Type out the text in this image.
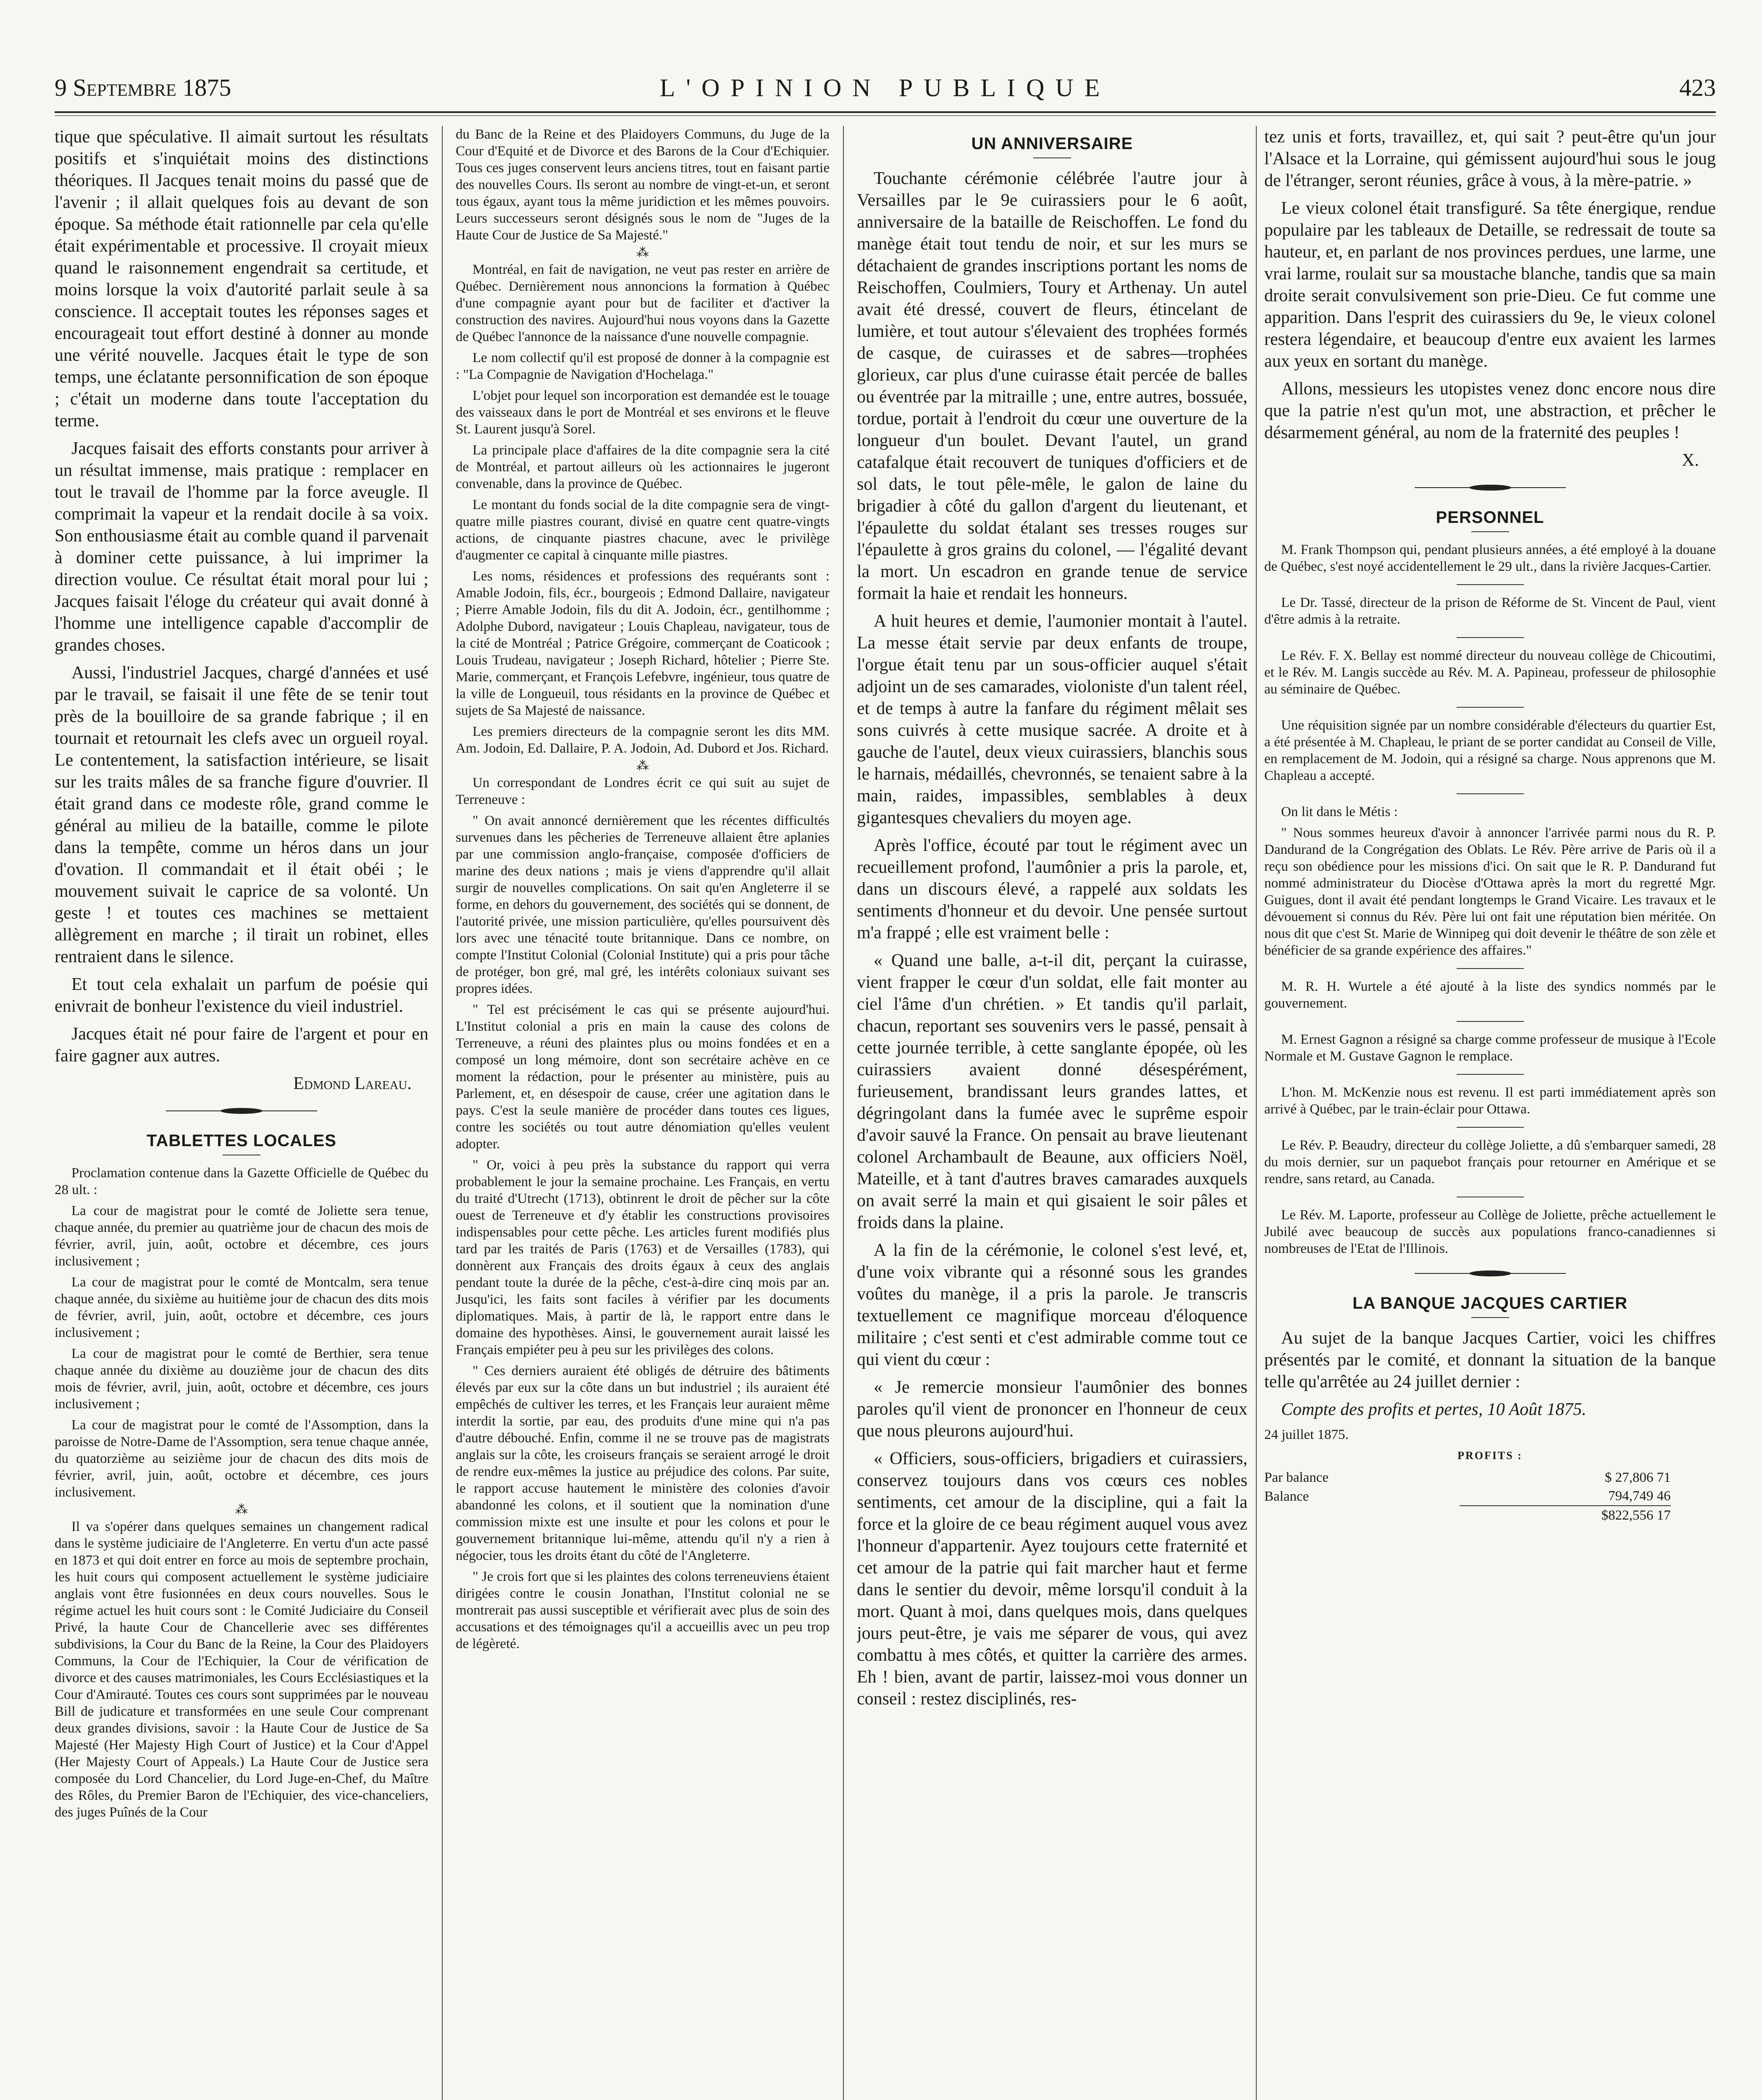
9 Septembre 1875	L'OPINION PUBLIQUE	423

tique que spéculative. Il aimait surtout les résultats positifs et s'inquiétait moins des distinctions théoriques. Il Jacques tenait moins du passé que de l'avenir ; il allait quelques fois au devant de son époque. Sa méthode était rationnelle par cela qu'elle était expérimentable et processive. Il croyait mieux quand le raisonnement engendrait sa certitude, et moins lorsque la voix d'autorité parlait seule à sa conscience. Il acceptait toutes les réponses sages et encourageait tout effort destiné à donner au monde une vérité nouvelle. Jacques était le type de son temps, une éclatante personnification de son époque ; c'était un moderne dans toute l'acceptation du terme.

Jacques faisait des efforts constants pour arriver à un résultat immense, mais pratique : remplacer en tout le travail de l'homme par la force aveugle. Il comprimait la vapeur et la rendait docile à sa voix. Son enthousiasme était au comble quand il parvenait à dominer cette puissance, à lui imprimer la direction voulue. Ce résultat était moral pour lui ; Jacques faisait l'éloge du créateur qui avait donné à l'homme une intelligence capable d'accomplir de grandes choses.

Aussi, l'industriel Jacques, chargé d'années et usé par le travail, se faisait il une fête de se tenir tout près de la bouilloire de sa grande fabrique ; il en tournait et retournait les clefs avec un orgueil royal. Le contentement, la satisfaction intérieure, se lisait sur les traits mâles de sa franche figure d'ouvrier. Il était grand dans ce modeste rôle, grand comme le général au milieu de la bataille, comme le pilote dans la tempête, comme un héros dans un jour d'ovation. Il commandait et il était obéi ; le mouvement suivait le caprice de sa volonté. Un geste ! et toutes ces machines se mettaient allègrement en marche ; il tirait un robinet, elles rentraient dans le silence.

Et tout cela exhalait un parfum de poésie qui enivrait de bonheur l'existence du vieil industriel.

Jacques était né pour faire de l'argent et pour en faire gagner aux autres.

Edmond Lareau.

TABLETTES LOCALES

Proclamation contenue dans la Gazette Officielle de Québec du 28 ult. :

La cour de magistrat pour le comté de Joliette sera tenue, chaque année, du premier au quatrième jour de chacun des mois de février, avril, juin, août, octobre et décembre, ces jours inclusivement ;

La cour de magistrat pour le comté de Montcalm, sera tenue chaque année, du sixième au huitième jour de chacun des dits mois de février, avril, juin, août, octobre et décembre, ces jours inclusivement ;

La cour de magistrat pour le comté de Berthier, sera tenue chaque année du dixième au douzième jour de chacun des dits mois de février, avril, juin, août, octobre et décembre, ces jours inclusivement ;

La cour de magistrat pour le comté de l'Assomption, dans la paroisse de Notre-Dame de l'Assomption, sera tenue chaque année, du quatorzième au seizième jour de chacun des dits mois de février, avril, juin, août, octobre et décembre, ces jours inclusivement.

⁂

Il va s'opérer dans quelques semaines un changement radical dans le système judiciaire de l'Angleterre. En vertu d'un acte passé en 1873 et qui doit entrer en force au mois de septembre prochain, les huit cours qui composent actuellement le système judiciaire anglais vont être fusionnées en deux cours nouvelles. Sous le régime actuel les huit cours sont : le Comité Judiciaire du Conseil Privé, la haute Cour de Chancellerie avec ses différentes subdivisions, la Cour du Banc de la Reine, la Cour des Plaidoyers Communs, la Cour de l'Echiquier, la Cour de vérification de divorce et des causes matrimoniales, les Cours Ecclésiastiques et la Cour d'Amirauté. Toutes ces cours sont supprimées par le nouveau Bill de judicature et transformées en une seule Cour comprenant deux grandes divisions, savoir : la Haute Cour de Justice de Sa Majesté (Her Majesty High Court of Justice) et la Cour d'Appel (Her Majesty Court of Appeals.) La Haute Cour de Justice sera composée du Lord Chancelier, du Lord Juge-en-Chef, du Maître des Rôles, du Premier Baron de l'Echiquier, des vice-chanceliers, des juges Puînés de la Cour

du Banc de la Reine et des Plaidoyers Communs, du Juge de la Cour d'Equité et de Divorce et des Barons de la Cour d'Echiquier. Tous ces juges conservent leurs anciens titres, tout en faisant partie des nouvelles Cours. Ils seront au nombre de vingt-et-un, et seront tous égaux, ayant tous la même juridiction et les mêmes pouvoirs. Leurs successeurs seront désignés sous le nom de "Juges de la Haute Cour de Justice de Sa Majesté."

⁂

Montréal, en fait de navigation, ne veut pas rester en arrière de Québec. Dernièrement nous annoncions la formation à Québec d'une compagnie ayant pour but de faciliter et d'activer la construction des navires. Aujourd'hui nous voyons dans la Gazette de Québec l'annonce de la naissance d'une nouvelle compagnie.

Le nom collectif qu'il est proposé de donner à la compagnie est : "La Compagnie de Navigation d'Hochelaga."

L'objet pour lequel son incorporation est demandée est le touage des vaisseaux dans le port de Montréal et ses environs et le fleuve St. Laurent jusqu'à Sorel.

La principale place d'affaires de la dite compagnie sera la cité de Montréal, et partout ailleurs où les actionnaires le jugeront convenable, dans la province de Québec.

Le montant du fonds social de la dite compagnie sera de vingt-quatre mille piastres courant, divisé en quatre cent quatre-vingts actions, de cinquante piastres chacune, avec le privilège d'augmenter ce capital à cinquante mille piastres.

Les noms, résidences et professions des requérants sont : Amable Jodoin, fils, écr., bourgeois ; Edmond Dallaire, navigateur ; Pierre Amable Jodoin, fils du dit A. Jodoin, écr., gentilhomme ; Adolphe Dubord, navigateur ; Louis Chapleau, navigateur, tous de la cité de Montréal ; Patrice Grégoire, commerçant de Coaticook ; Louis Trudeau, navigateur ; Joseph Richard, hôtelier ; Pierre Ste. Marie, commerçant, et François Lefebvre, ingénieur, tous quatre de la ville de Longueuil, tous résidants en la province de Québec et sujets de Sa Majesté de naissance.

Les premiers directeurs de la compagnie seront les dits MM. Am. Jodoin, Ed. Dallaire, P. A. Jodoin, Ad. Dubord et Jos. Richard.

⁂

Un correspondant de Londres écrit ce qui suit au sujet de Terreneuve :

" On avait annoncé dernièrement que les récentes difficultés survenues dans les pêcheries de Terreneuve allaient être aplanies par une commission anglo-française, composée d'officiers de marine des deux nations ; mais je viens d'apprendre qu'il allait surgir de nouvelles complications. On sait qu'en Angleterre il se forme, en dehors du gouvernement, des sociétés qui se donnent, de l'autorité privée, une mission particulière, qu'elles poursuivent dès lors avec une ténacité toute britannique. Dans ce nombre, on compte l'Institut Colonial (Colonial Institute) qui a pris pour tâche de protéger, bon gré, mal gré, les intérêts coloniaux suivant ses propres idées.

" Tel est précisément le cas qui se présente aujourd'hui. L'Institut colonial a pris en main la cause des colons de Terreneuve, a réuni des plaintes plus ou moins fondées et en a composé un long mémoire, dont son secrétaire achève en ce moment la rédaction, pour le présenter au ministère, puis au Parlement, et, en désespoir de cause, créer une agitation dans le pays. C'est la seule manière de procéder dans toutes ces ligues, contre les sociétés ou tout autre dénomiation qu'elles veulent adopter.

" Or, voici à peu près la substance du rapport qui verra probablement le jour la semaine prochaine. Les Français, en vertu du traité d'Utrecht (1713), obtinrent le droit de pêcher sur la côte ouest de Terreneuve et d'y établir les constructions provisoires indispensables pour cette pêche. Les articles furent modifiés plus tard par les traités de Paris (1763) et de Versailles (1783), qui donnèrent aux Français des droits égaux à ceux des anglais pendant toute la durée de la pêche, c'est-à-dire cinq mois par an. Jusqu'ici, les faits sont faciles à vérifier par les documents diplomatiques. Mais, à partir de là, le rapport entre dans le domaine des hypothèses. Ainsi, le gouvernement aurait laissé les Français empiéter peu à peu sur les privilèges des colons.

" Ces derniers auraient été obligés de détruire des bâtiments élevés par eux sur la côte dans un but industriel ; ils auraient été empêchés de cultiver les terres, et les Français leur auraient même interdit la sortie, par eau, des produits d'une mine qui n'a pas d'autre débouché. Enfin, comme il ne se trouve pas de magistrats anglais sur la côte, les croiseurs français se seraient arrogé le droit de rendre eux-mêmes la justice au préjudice des colons. Par suite, le rapport accuse hautement le ministère des colonies d'avoir abandonné les colons, et il soutient que la nomination d'une commission mixte est une insulte et pour les colons et pour le gouvernement britannique lui-même, attendu qu'il n'y a rien à négocier, tous les droits étant du côté de l'Angleterre.

" Je crois fort que si les plaintes des colons terreneuviens étaient dirigées contre le cousin Jonathan, l'Institut colonial ne se montrerait pas aussi susceptible et vérifierait avec plus de soin des accusations et des témoignages qu'il a accueillis avec un peu trop de légèreté.

UN ANNIVERSAIRE

Touchante cérémonie célébrée l'autre jour à Versailles par le 9e cuirassiers pour le 6 août, anniversaire de la bataille de Reischoffen. Le fond du manège était tout tendu de noir, et sur les murs se détachaient de grandes inscriptions portant les noms de Reischoffen, Coulmiers, Toury et Arthenay. Un autel avait été dressé, couvert de fleurs, étincelant de lumière, et tout autour s'élevaient des trophées formés de casque, de cuirasses et de sabres—trophées glorieux, car plus d'une cuirasse était percée de balles ou éventrée par la mitraille ; une, entre autres, bossuée, tordue, portait à l'endroit du cœur une ouverture de la longueur d'un boulet. Devant l'autel, un grand catafalque était recouvert de tuniques d'officiers et de sol dats, le tout pêle-mêle, le galon de laine du brigadier à côté du gallon d'argent du lieutenant, et l'épaulette du soldat étalant ses tresses rouges sur l'épaulette à gros grains du colonel, — l'égalité devant la mort. Un escadron en grande tenue de service formait la haie et rendait les honneurs.

A huit heures et demie, l'aumonier montait à l'autel. La messe était servie par deux enfants de troupe, l'orgue était tenu par un sous-officier auquel s'était adjoint un de ses camarades, violoniste d'un talent réel, et de temps à autre la fanfare du régiment mêlait ses sons cuivrés à cette musique sacrée. A droite et à gauche de l'autel, deux vieux cuirassiers, blanchis sous le harnais, médaillés, chevronnés, se tenaient sabre à la main, raides, impassibles, semblables à deux gigantesques chevaliers du moyen age.

Après l'office, écouté par tout le régiment avec un recueillement profond, l'aumônier a pris la parole, et, dans un discours élevé, a rappelé aux soldats les sentiments d'honneur et du devoir. Une pensée surtout m'a frappé ; elle est vraiment belle :

« Quand une balle, a-t-il dit, perçant la cuirasse, vient frapper le cœur d'un soldat, elle fait monter au ciel l'âme d'un chrétien. » Et tandis qu'il parlait, chacun, reportant ses souvenirs vers le passé, pensait à cette journée terrible, à cette sanglante épopée, où les cuirassiers avaient donné désespérément, furieusement, brandissant leurs grandes lattes, et dégringolant dans la fumée avec le suprême espoir d'avoir sauvé la France. On pensait au brave lieutenant colonel Archambault de Beaune, aux officiers Noël, Mateille, et à tant d'autres braves camarades auxquels on avait serré la main et qui gisaient le soir pâles et froids dans la plaine.

A la fin de la cérémonie, le colonel s'est levé, et, d'une voix vibrante qui a résonné sous les grandes voûtes du manège, il a pris la parole. Je transcris textuellement ce magnifique morceau d'éloquence militaire ; c'est senti et c'est admirable comme tout ce qui vient du cœur :

« Je remercie monsieur l'aumônier des bonnes paroles qu'il vient de prononcer en l'honneur de ceux que nous pleurons aujourd'hui.

« Officiers, sous-officiers, brigadiers et cuirassiers, conservez toujours dans vos cœurs ces nobles sentiments, cet amour de la discipline, qui a fait la force et la gloire de ce beau régiment auquel vous avez l'honneur d'appartenir. Ayez toujours cette fraternité et cet amour de la patrie qui fait marcher haut et ferme dans le sentier du devoir, même lorsqu'il conduit à la mort. Quant à moi, dans quelques mois, dans quelques jours peut-être, je vais me séparer de vous, qui avez combattu à mes côtés, et quitter la carrière des armes. Eh ! bien, avant de partir, laissez-moi vous donner un conseil : restez disciplinés, res-

tez unis et forts, travaillez, et, qui sait ? peut-être qu'un jour l'Alsace et la Lorraine, qui gémissent aujourd'hui sous le joug de l'étranger, seront réunies, grâce à vous, à la mère-patrie. »

Le vieux colonel était transfiguré. Sa tête énergique, rendue populaire par les tableaux de Detaille, se redressait de toute sa hauteur, et, en parlant de nos provinces perdues, une larme, une vrai larme, roulait sur sa moustache blanche, tandis que sa main droite serait convulsivement son prie-Dieu. Ce fut comme une apparition. Dans l'esprit des cuirassiers du 9e, le vieux colonel restera légendaire, et beaucoup d'entre eux avaient les larmes aux yeux en sortant du manège.

Allons, messieurs les utopistes venez donc encore nous dire que la patrie n'est qu'un mot, une abstraction, et prêcher le désarmement général, au nom de la fraternité des peuples !

X.

PERSONNEL

M. Frank Thompson qui, pendant plusieurs années, a été employé à la douane de Québec, s'est noyé accidentellement le 29 ult., dans la rivière Jacques-Cartier.

Le Dr. Tassé, directeur de la prison de Réforme de St. Vincent de Paul, vient d'être admis à la retraite.

Le Rév. F. X. Bellay est nommé directeur du nouveau collège de Chicoutimi, et le Rév. M. Langis succède au Rév. M. A. Papineau, professeur de philosophie au séminaire de Québec.

Une réquisition signée par un nombre considérable d'électeurs du quartier Est, a été présentée à M. Chapleau, le priant de se porter candidat au Conseil de Ville, en remplacement de M. Jodoin, qui a résigné sa charge. Nous apprenons que M. Chapleau a accepté.

On lit dans le Métis :

" Nous sommes heureux d'avoir à annoncer l'arrivée parmi nous du R. P. Dandurand de la Congrégation des Oblats. Le Rév. Père arrive de Paris où il a reçu son obédience pour les missions d'ici. On sait que le R. P. Dandurand fut nommé administrateur du Diocèse d'Ottawa après la mort du regretté Mgr. Guigues, dont il avait été pendant longtemps le Grand Vicaire. Les travaux et le dévouement si connus du Rév. Père lui ont fait une réputation bien méritée. On nous dit que c'est St. Marie de Winnipeg qui doit devenir le théâtre de son zèle et bénéficier de sa grande expérience des affaires."

M. R. H. Wurtele a été ajouté à la liste des syndics nommés par le gouvernement.

M. Ernest Gagnon a résigné sa charge comme professeur de musique à l'Ecole Normale et M. Gustave Gagnon le remplace.

L'hon. M. McKenzie nous est revenu. Il est parti immédiatement après son arrivé à Québec, par le train-éclair pour Ottawa.

Le Rév. P. Beaudry, directeur du collège Joliette, a dû s'embarquer samedi, 28 du mois dernier, sur un paquebot français pour retourner en Amérique et se rendre, sans retard, au Canada.

Le Rév. M. Laporte, professeur au Collège de Joliette, prêche actuellement le Jubilé avec beaucoup de succès aux populations franco-canadiennes si nombreuses de l'Etat de l'Illinois.

LA BANQUE JACQUES CARTIER

Au sujet de la banque Jacques Cartier, voici les chiffres présentés par le comité, et donnant la situation de la banque telle qu'arrêtée au 24 juillet dernier :

Compte des profits et pertes, 10 Août 1875.

24 juillet 1875.

PROFITS :

Par balance	$ 27,806 71
Balance	794,749 46
	$822,556 17
